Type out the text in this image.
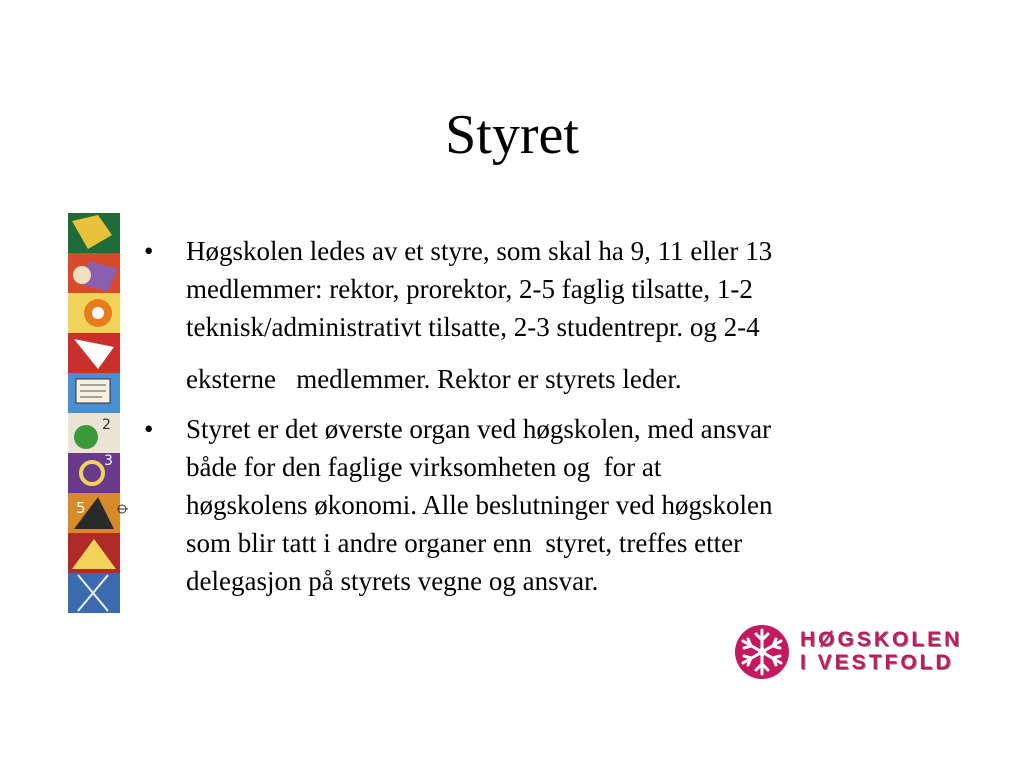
Styret
2
3
5
• Høgskolen ledes av et styre, som skal ha 9, 11 eller 13
medlemmer: rektor, prorektor, 2-5 faglig tilsatte, 1-2
teknisk/administrativt tilsatte, 2-3 studentrepr. og 2-4
eksterne   medlemmer. Rektor er styrets leder.
• Styret er det øverste organ ved høgskolen, med ansvar
både for den faglige virksomheten og  for at
høgskolens økonomi. Alle beslutninger ved høgskolen
som blir tatt i andre organer enn  styret, treffes etter
delegasjon på styrets vegne og ansvar.
HØGSKOLEN
I VESTFOLD
